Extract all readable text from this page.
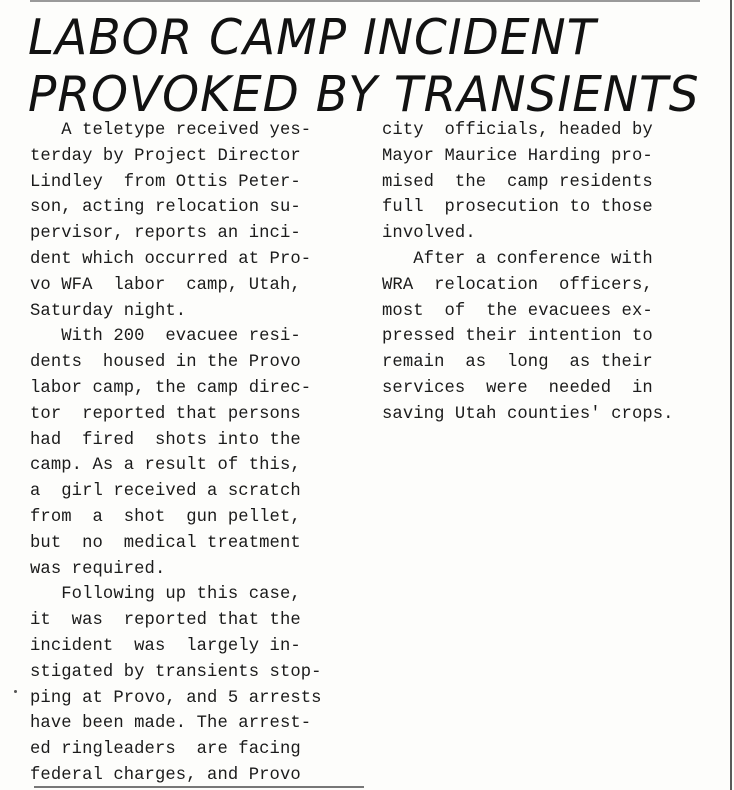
LABOR CAMP INCIDENT
PROVOKED BY TRANSIENTS
A teletype received yes-
terday by Project Director
Lindley  from Ottis Peter-
son, acting relocation su-
pervisor, reports an inci-
dent which occurred at Pro-
vo WFA  labor  camp, Utah,
Saturday night.
With 200  evacuee resi-
dents  housed in the Provo
labor camp, the camp direc-
tor  reported that persons
had  fired  shots into the
camp. As a result of this,
a  girl received a scratch
from  a  shot  gun pellet,
but  no  medical treatment
was required.
Following up this case,
it  was  reported that the
incident  was  largely in-
stigated by transients stop-
ping at Provo, and 5 arrests
have been made. The arrest-
ed ringleaders  are facing
federal charges, and Provo
city  officials, headed by
Mayor Maurice Harding pro-
mised  the  camp residents
full  prosecution to those
involved.
After a conference with
WRA  relocation  officers,
most  of  the evacuees ex-
pressed their intention to
remain  as  long  as their
services  were  needed  in
saving Utah counties' crops.
